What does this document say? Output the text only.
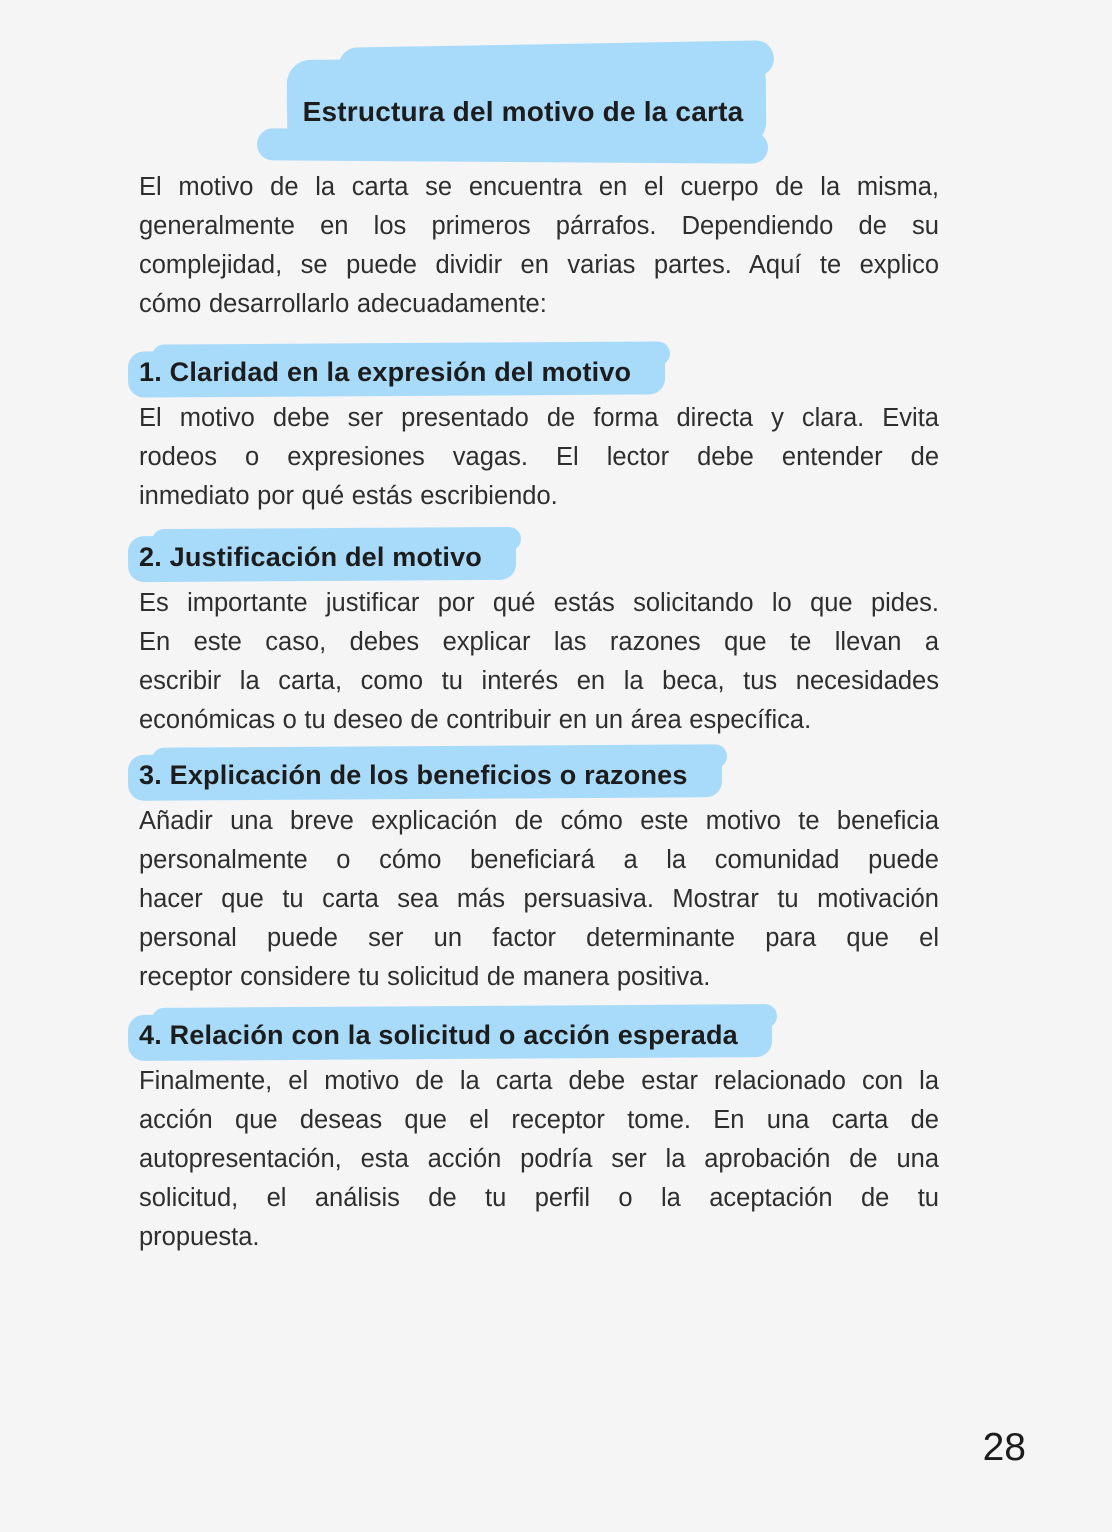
Estructura del motivo de la carta
El motivo de la carta se encuentra en el cuerpo de la misma,
generalmente en los primeros párrafos. Dependiendo de su
complejidad, se puede dividir en varias partes. Aquí te explico
cómo desarrollarlo adecuadamente:
1. Claridad en la expresión del motivo
El motivo debe ser presentado de forma directa y clara. Evita
rodeos o expresiones vagas. El lector debe entender de
inmediato por qué estás escribiendo.
2. Justificación del motivo
Es importante justificar por qué estás solicitando lo que pides.
En este caso, debes explicar las razones que te llevan a
escribir la carta, como tu interés en la beca, tus necesidades
económicas o tu deseo de contribuir en un área específica.
3. Explicación de los beneficios o razones
Añadir una breve explicación de cómo este motivo te beneficia
personalmente o cómo beneficiará a la comunidad puede
hacer que tu carta sea más persuasiva. Mostrar tu motivación
personal puede ser un factor determinante para que el
receptor considere tu solicitud de manera positiva.
4. Relación con la solicitud o acción esperada
Finalmente, el motivo de la carta debe estar relacionado con la
acción que deseas que el receptor tome. En una carta de
autopresentación, esta acción podría ser la aprobación de una
solicitud, el análisis de tu perfil o la aceptación de tu
propuesta.
28
